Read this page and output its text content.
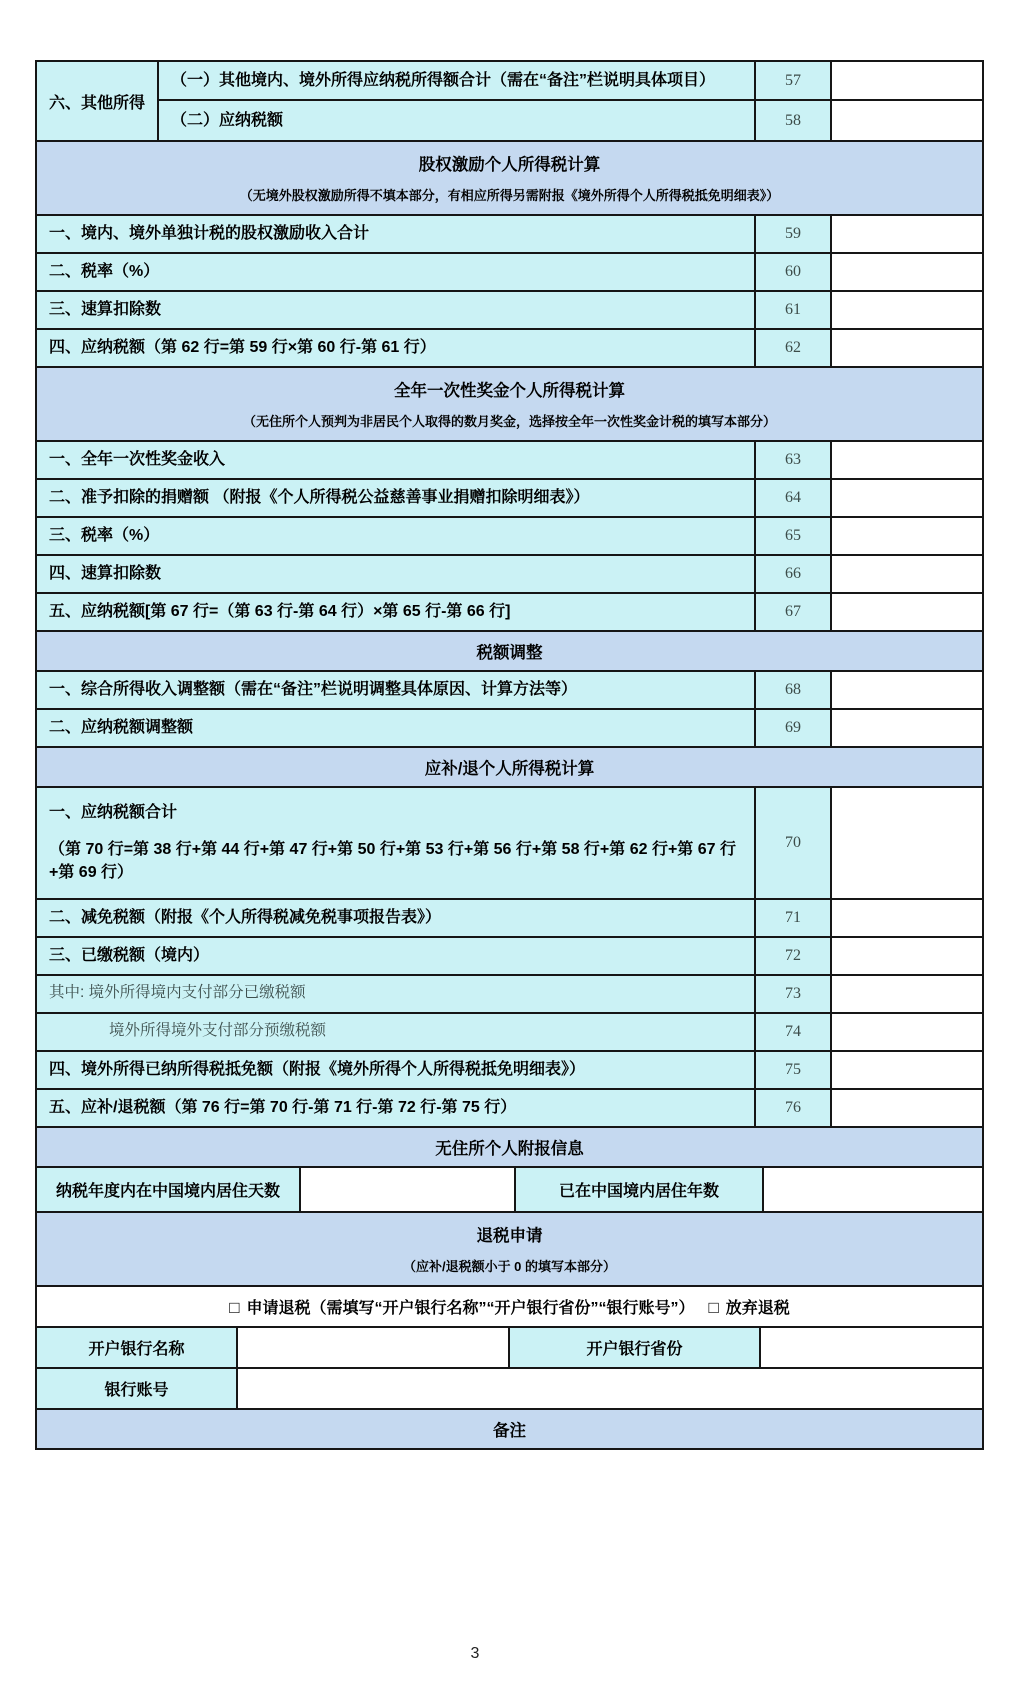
六、其他所得
（一）其他境内、境外所得应纳税所得额合计（需在“备注”栏说明具体项目）	57
（二）应纳税额	58
股权激励个人所得税计算
（无境外股权激励所得不填本部分，有相应所得另需附报《境外所得个人所得税抵免明细表》）
一、境内、境外单独计税的股权激励收入合计	59
二、税率（%）	60
三、速算扣除数	61
四、应纳税额（第 62 行=第 59 行×第 60 行-第 61 行）	62
全年一次性奖金个人所得税计算
（无住所个人预判为非居民个人取得的数月奖金，选择按全年一次性奖金计税的填写本部分）
一、全年一次性奖金收入	63
二、准予扣除的捐赠额 （附报《个人所得税公益慈善事业捐赠扣除明细表》）	64
三、税率（%）	65
四、速算扣除数	66
五、应纳税额[第 67 行=（第 63 行-第 64 行）×第 65 行-第 66 行]	67
税额调整
一、综合所得收入调整额（需在“备注”栏说明调整具体原因、计算方法等）	68
二、应纳税额调整额	69
应补/退个人所得税计算
一、应纳税额合计
（第 70 行=第 38 行+第 44 行+第 47 行+第 50 行+第 53 行+第 56 行+第 58 行+第 62 行+第 67 行+第 69 行）
70
二、减免税额（附报《个人所得税减免税事项报告表》）	71
三、已缴税额（境内）	72
其中: 境外所得境内支付部分已缴税额	73
境外所得境外支付部分预缴税额	74
四、境外所得已纳所得税抵免额（附报《境外所得个人所得税抵免明细表》）	75
五、应补/退税额（第 76 行=第 70 行-第 71 行-第 72 行-第 75 行）	76
无住所个人附报信息
纳税年度内在中国境内居住天数	已在中国境内居住年数
退税申请
（应补/退税额小于 0 的填写本部分）
□ 申请退税（需填写“开户银行名称”“开户银行省份”“银行账号”） □ 放弃退税
开户银行名称	开户银行省份
银行账号
备注
3
